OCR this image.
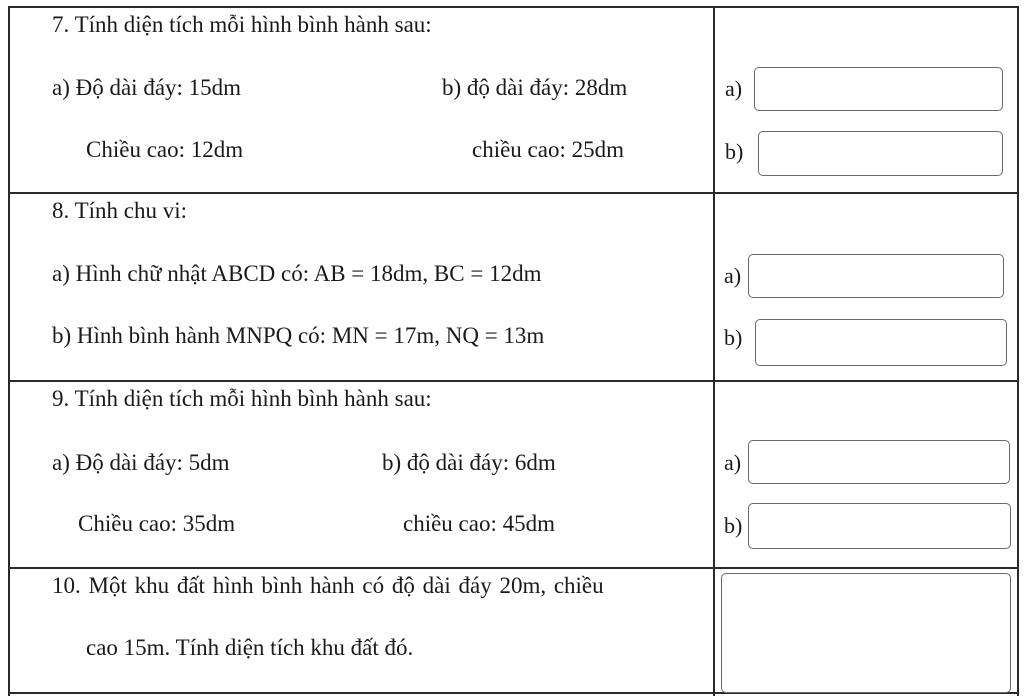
7. Tính diện tích mỗi hình bình hành sau:
a) Độ dài đáy: 15dm	b) độ dài đáy: 28dm
Chiều cao: 12dm	chiều cao: 25dm
a)
b)
8. Tính chu vi:
a) Hình chữ nhật ABCD có: AB = 18dm, BC = 12dm
b) Hình bình hành MNPQ có: MN = 17m, NQ = 13m
a)
b)
9. Tính diện tích mỗi hình bình hành sau:
a) Độ dài đáy: 5dm	b) độ dài đáy: 6dm
Chiều cao: 35dm	chiều cao: 45dm
a)
b)
10. Một khu đất hình bình hành có độ dài đáy 20m, chiều
cao 15m. Tính diện tích khu đất đó.
